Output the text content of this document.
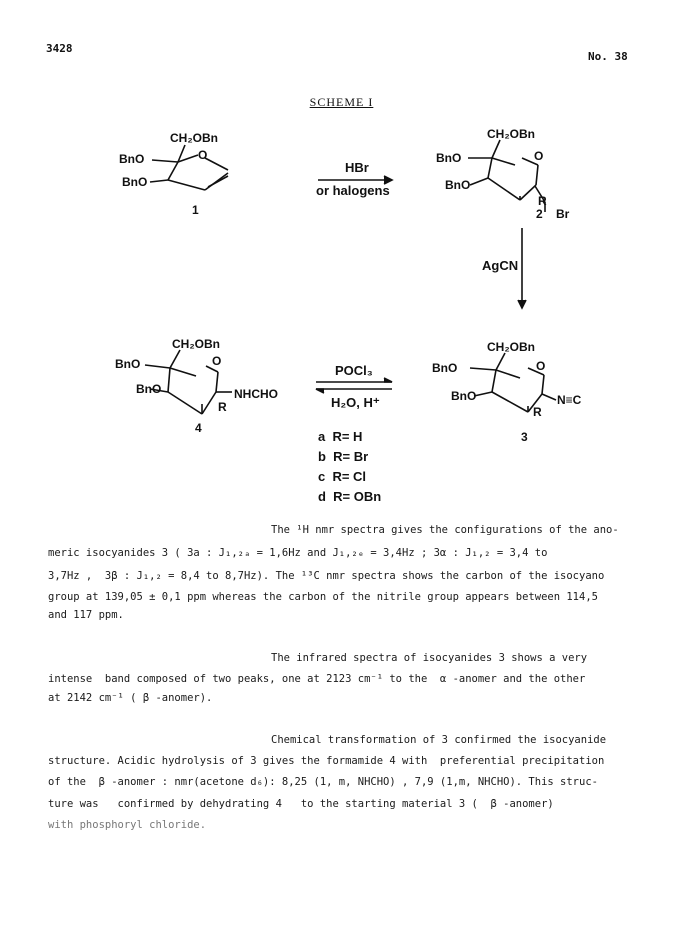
3428
No. 38
SCHEME I
CH₂OBn
BnO	O
BnO
1
HBr
or halogens
CH₂OBn
BnO	O
BnO
R
Br
2
AgCN
CH₂OBn
BnO	O
BnO	NHCHO
R
4
POCl₃
H₂O, H⁺
CH₂OBn
BnO	O
BnO	N≡C
R
3
a  R= H
b  R= Br
c  R= Cl
d  R= OBn
The ¹H nmr spectra gives the configurations of the ano-
meric isocyanides 3 ( 3a : J₁,₂ₐ = 1,6Hz and J₁,₂ₑ = 3,4Hz ; 3α : J₁,₂ = 3,4 to
3,7Hz ,  3β : J₁,₂ = 8,4 to 8,7Hz). The ¹³C nmr spectra shows the carbon of the isocyano
group at 139,05 ± 0,1 ppm whereas the carbon of the nitrile group appears between 114,5
and 117 ppm.
The infrared spectra of isocyanides 3 shows a very
intense  band composed of two peaks, one at 2123 cm⁻¹ to the  α -anomer and the other
at 2142 cm⁻¹ ( β -anomer).
Chemical transformation of 3 confirmed the isocyanide
structure. Acidic hydrolysis of 3 gives the formamide 4 with  preferential precipitation
of the  β -anomer : nmr(acetone d₆): 8,25 (1, m, NHCHO) , 7,9 (1,m, NHCHO). This struc-
ture was   confirmed by dehydrating 4   to the starting material 3 (  β -anomer)
with phosphoryl chloride.
